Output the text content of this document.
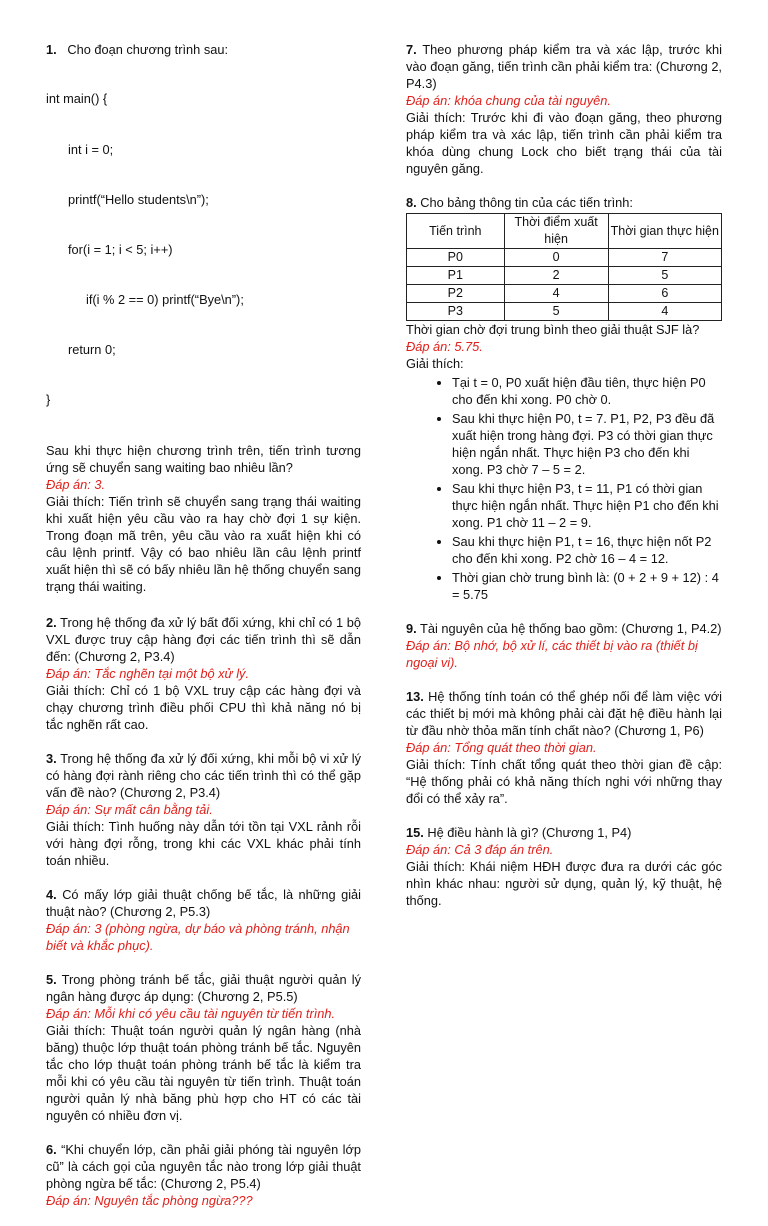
1. Cho đoạn chương trình sau:

int main() {

int i = 0;

printf(“Hello students\n”);

for(i = 1; i < 5; i++)

if(i % 2 == 0) printf(“Bye\n”);

return 0;

}

Sau khi thực hiện chương trình trên, tiến trình tương ứng sẽ chuyển sang waiting bao nhiêu lần?

Đáp án: 3.

Giải thích: Tiến trình sẽ chuyển sang trạng thái waiting khi xuất hiện yêu cầu vào ra hay chờ đợi 1 sự kiện. Trong đoạn mã trên, yêu cầu vào ra xuất hiện khi có câu lệnh printf. Vậy có bao nhiêu lần câu lệnh printf xuất hiện thì sẽ có bấy nhiêu lần hệ thống chuyển sang trạng thái waiting.

2. Trong hệ thống đa xử lý bất đối xứng, khi chỉ có 1 bộ VXL được truy cập hàng đợi các tiến trình thì sẽ dẫn đến: (Chương 2, P3.4)

Đáp án: Tắc nghẽn tại một bộ xử lý.

Giải thích: Chỉ có 1 bộ VXL truy cập các hàng đợi và chạy chương trình điều phối CPU thì khả năng nó bị tắc nghẽn rất cao.

3. Trong hệ thống đa xử lý đối xứng, khi mỗi bộ vi xử lý có hàng đợi rành riêng cho các tiến trình thì có thể gặp vấn đề nào? (Chương 2, P3.4)

Đáp án: Sự mất cân bằng tải.

Giải thích: Tình huống này dẫn tới tồn tại VXL rảnh rỗi với hàng đợi rỗng, trong khi các VXL khác phải tính toán nhiều.

4. Có mấy lớp giải thuật chống bế tắc, là những giải thuật nào? (Chương 2, P5.3)

Đáp án: 3 (phòng ngừa, dự báo và phòng tránh, nhận biết và khắc phục).

5. Trong phòng tránh bế tắc, giải thuật người quản lý ngân hàng được áp dụng: (Chương 2, P5.5)

Đáp án: Mỗi khi có yêu cầu tài nguyên từ tiến trình.

Giải thích: Thuật toán người quản lý ngân hàng (nhà băng) thuộc lớp thuật toán phòng tránh bế tắc. Nguyên tắc cho lớp thuật toán phòng tránh bế tắc là kiểm tra mỗi khi có yêu cầu tài nguyên từ tiến trình. Thuật toán người quản lý nhà băng phù hợp cho HT có các tài nguyên có nhiều đơn vị.

6. “Khi chuyển lớp, cần phải giải phóng tài nguyên lớp cũ” là cách gọi của nguyên tắc nào trong lớp giải thuật phòng ngừa bế tắc: (Chương 2, P5.4)

Đáp án: Nguyên tắc phòng ngừa???

7. Theo phương pháp kiểm tra và xác lập, trước khi vào đoạn găng, tiến trình cần phải kiểm tra: (Chương 2, P4.3)

Đáp án: khóa chung của tài nguyên.

Giải thích: Trước khi đi vào đoạn găng, theo phương pháp kiểm tra và xác lập, tiến trình cần phải kiểm tra khóa dùng chung Lock cho biết trạng thái của tài nguyên găng.

8. Cho bảng thông tin của các tiến trình:

Tiến trình	Thời điểm xuất hiện	Thời gian thực hiện
P0	0	7
P1	2	5
P2	4	6
P3	5	4

Thời gian chờ đợi trung bình theo giải thuật SJF là?

Đáp án: 5.75.

Giải thích:

• Tại t = 0, P0 xuất hiện đầu tiên, thực hiện P0 cho đến khi xong. P0 chờ 0.
• Sau khi thực hiện P0, t = 7. P1, P2, P3 đều đã xuất hiện trong hàng đợi. P3 có thời gian thực hiện ngắn nhất. Thực hiện P3 cho đến khi xong. P3 chờ 7 – 5 = 2.
• Sau khi thực hiện P3, t = 11, P1 có thời gian thực hiện ngắn nhất. Thực hiện P1 cho đến khi xong. P1 chờ 11 – 2 = 9.
• Sau khi thực hiện P1, t = 16, thực hiện nốt P2 cho đến khi xong. P2 chờ 16 – 4 = 12.
• Thời gian chờ trung bình là: (0 + 2 + 9 + 12) : 4 = 5.75

9. Tài nguyên của hệ thống bao gồm: (Chương 1, P4.2)

Đáp án: Bộ nhớ, bộ xử lí, các thiết bị vào ra (thiết bị ngoại vi).

13. Hệ thống tính toán có thể ghép nối để làm việc với các thiết bị mới mà không phải cài đặt hệ điều hành lại từ đầu nhờ thỏa mãn tính chất nào? (Chương 1, P6)

Đáp án: Tổng quát theo thời gian.

Giải thích: Tính chất tổng quát theo thời gian đề cập: “Hệ thống phải có khả năng thích nghi với những thay đổi có thể xảy ra”.

15. Hệ điều hành là gì? (Chương 1, P4)

Đáp án: Cả 3 đáp án trên.

Giải thích: Khái niệm HĐH được đưa ra dưới các góc nhìn khác nhau: người sử dụng, quản lý, kỹ thuật, hệ thống.
